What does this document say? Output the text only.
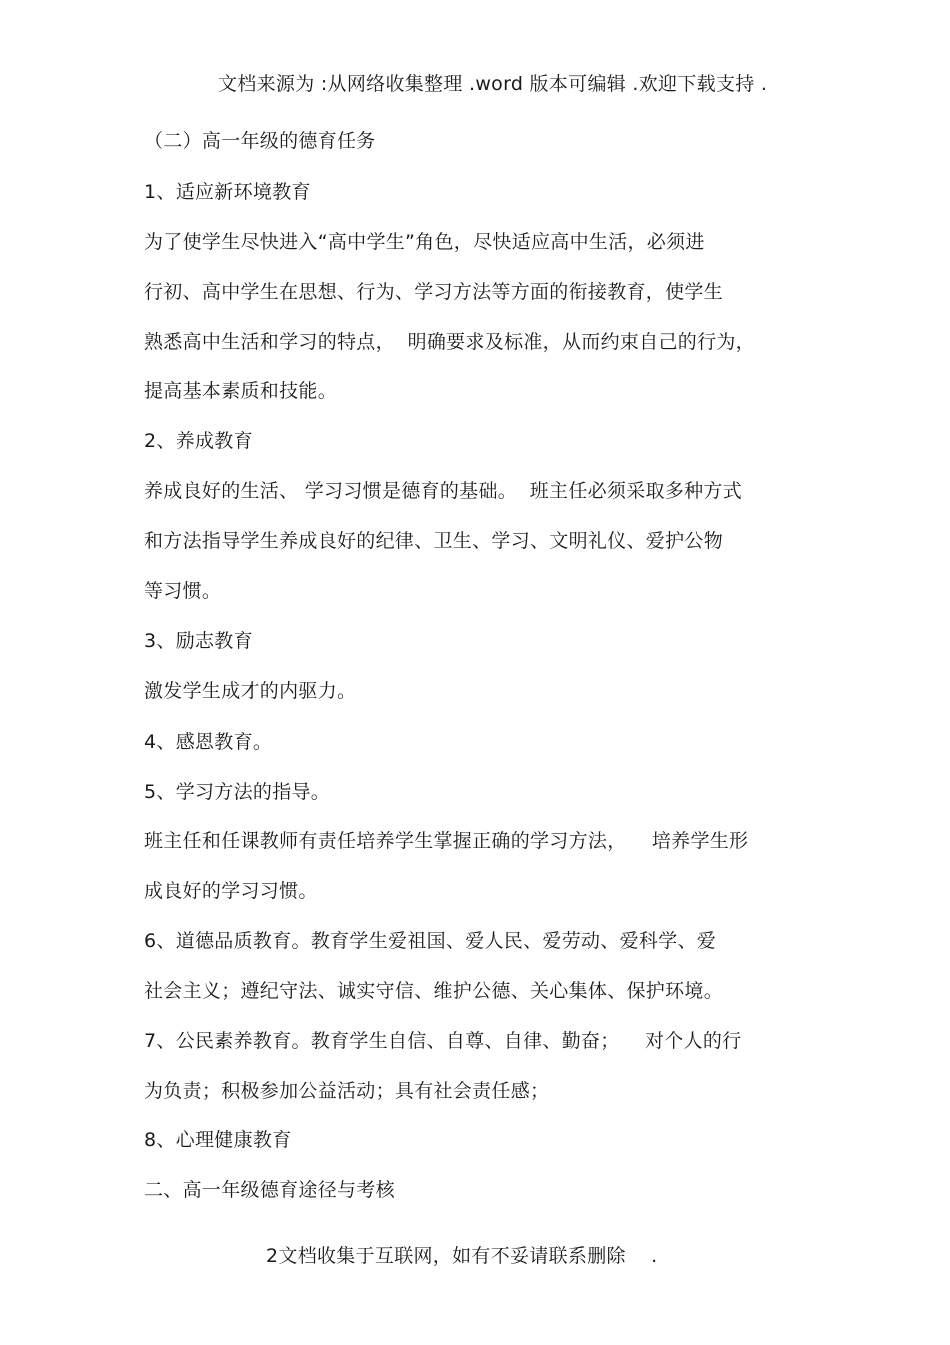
文档来源为 :从网络收集整理 .word 版本可编辑 .欢迎下载支持 .
（二）高一年级的德育任务
1、适应新环境教育
为了使学生尽快进入“高中学生”角色，尽快适应高中生活，必须进
行初、高中学生在思想、行为、学习方法等方面的衔接教育，使学生
熟悉高中生活和学习的特点，  明确要求及标准，从而约束自己的行为，
提高基本素质和技能。
2、养成教育
养成良好的生活、 学习习惯是德育的基础。  班主任必须采取多种方式
和方法指导学生养成良好的纪律、卫生、学习、文明礼仪、爱护公物
等习惯。
3、励志教育
激发学生成才的内驱力。
4、感恩教育。
5、学习方法的指导。
班主任和任课教师有责任培养学生掌握正确的学习方法，    培养学生形
成良好的学习习惯。
6、道德品质教育。教育学生爱祖国、爱人民、爱劳动、爱科学、爱
社会主义；遵纪守法、诚实守信、维护公德、关心集体、保护环境。
7、公民素养教育。教育学生自信、自尊、自律、勤奋；    对个人的行
为负责；积极参加公益活动；具有社会责任感；
8、心理健康教育
二、高一年级德育途径与考核
2文档收集于互联网，如有不妥请联系删除    .
